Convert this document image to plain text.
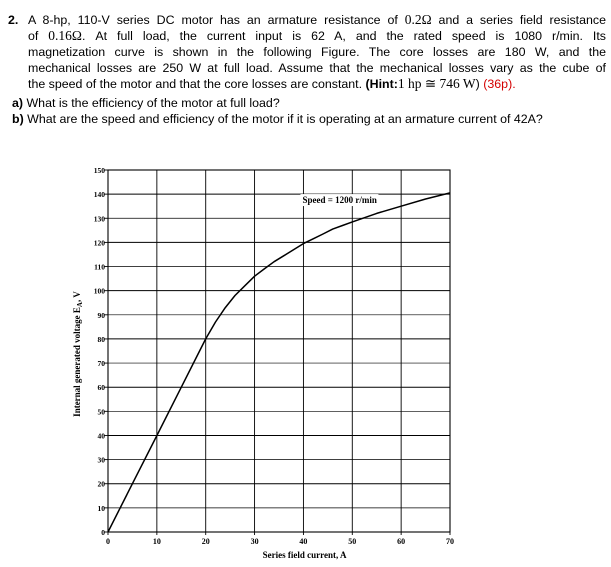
2. A 8-hp, 110-V series DC motor has an armature resistance of 0.2Ω and a series field resistance
of 0.16Ω. At full load, the current input is 62 A, and the rated speed is 1080 r/min. Its
magnetization curve is shown in the following Figure. The core losses are 180 W, and the
mechanical losses are 250 W at full load. Assume that the mechanical losses vary as the cube of
the speed of the motor and that the core losses are constant. (Hint:1 hp ≅ 746 W) (36p).
a) What is the efficiency of the motor at full load?
b) What are the speed and efficiency of the motor if it is operating at an armature current of 42A?
0	10	20	30	40	50	60	70
0
10
20
30
40
50
60
70
80
90
100
110
120
130
140
150
Speed = 1200 r/min
Series field current, A
Internal generated voltage $E_A$, V
